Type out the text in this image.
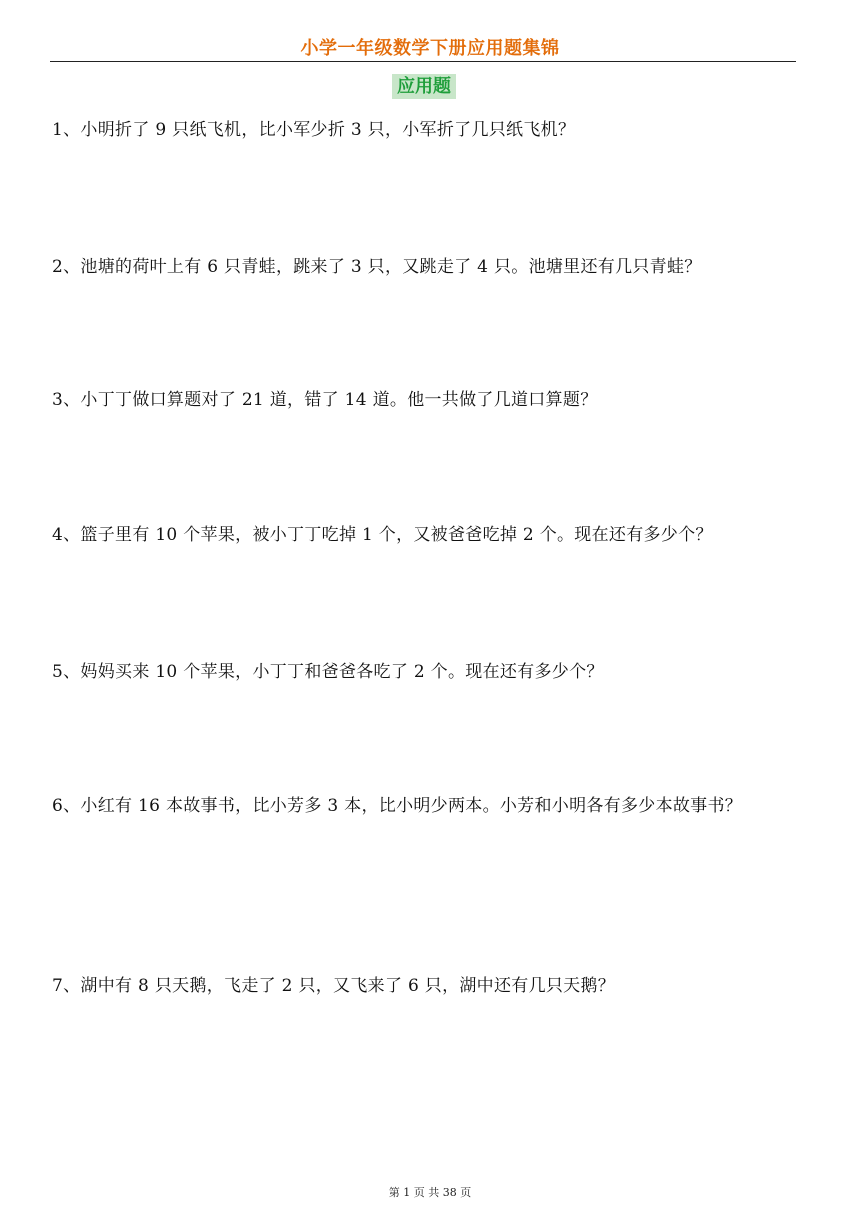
小学一年级数学下册应用题集锦
应用题
1、小明折了 9 只纸飞机，比小军少折 3 只，小军折了几只纸飞机？
2、池塘的荷叶上有 6 只青蛙，跳来了 3 只，又跳走了 4 只。池塘里还有几只青蛙？
3、小丁丁做口算题对了 21 道，错了 14 道。他一共做了几道口算题？
4、篮子里有 10 个苹果，被小丁丁吃掉 1 个，又被爸爸吃掉 2 个。现在还有多少个？
5、妈妈买来 10 个苹果，小丁丁和爸爸各吃了 2 个。现在还有多少个？
6、小红有 16 本故事书，比小芳多 3 本，比小明少两本。小芳和小明各有多少本故事书？
7、湖中有 8 只天鹅，飞走了 2 只，又飞来了 6 只，湖中还有几只天鹅？
第 1 页 共 38 页
